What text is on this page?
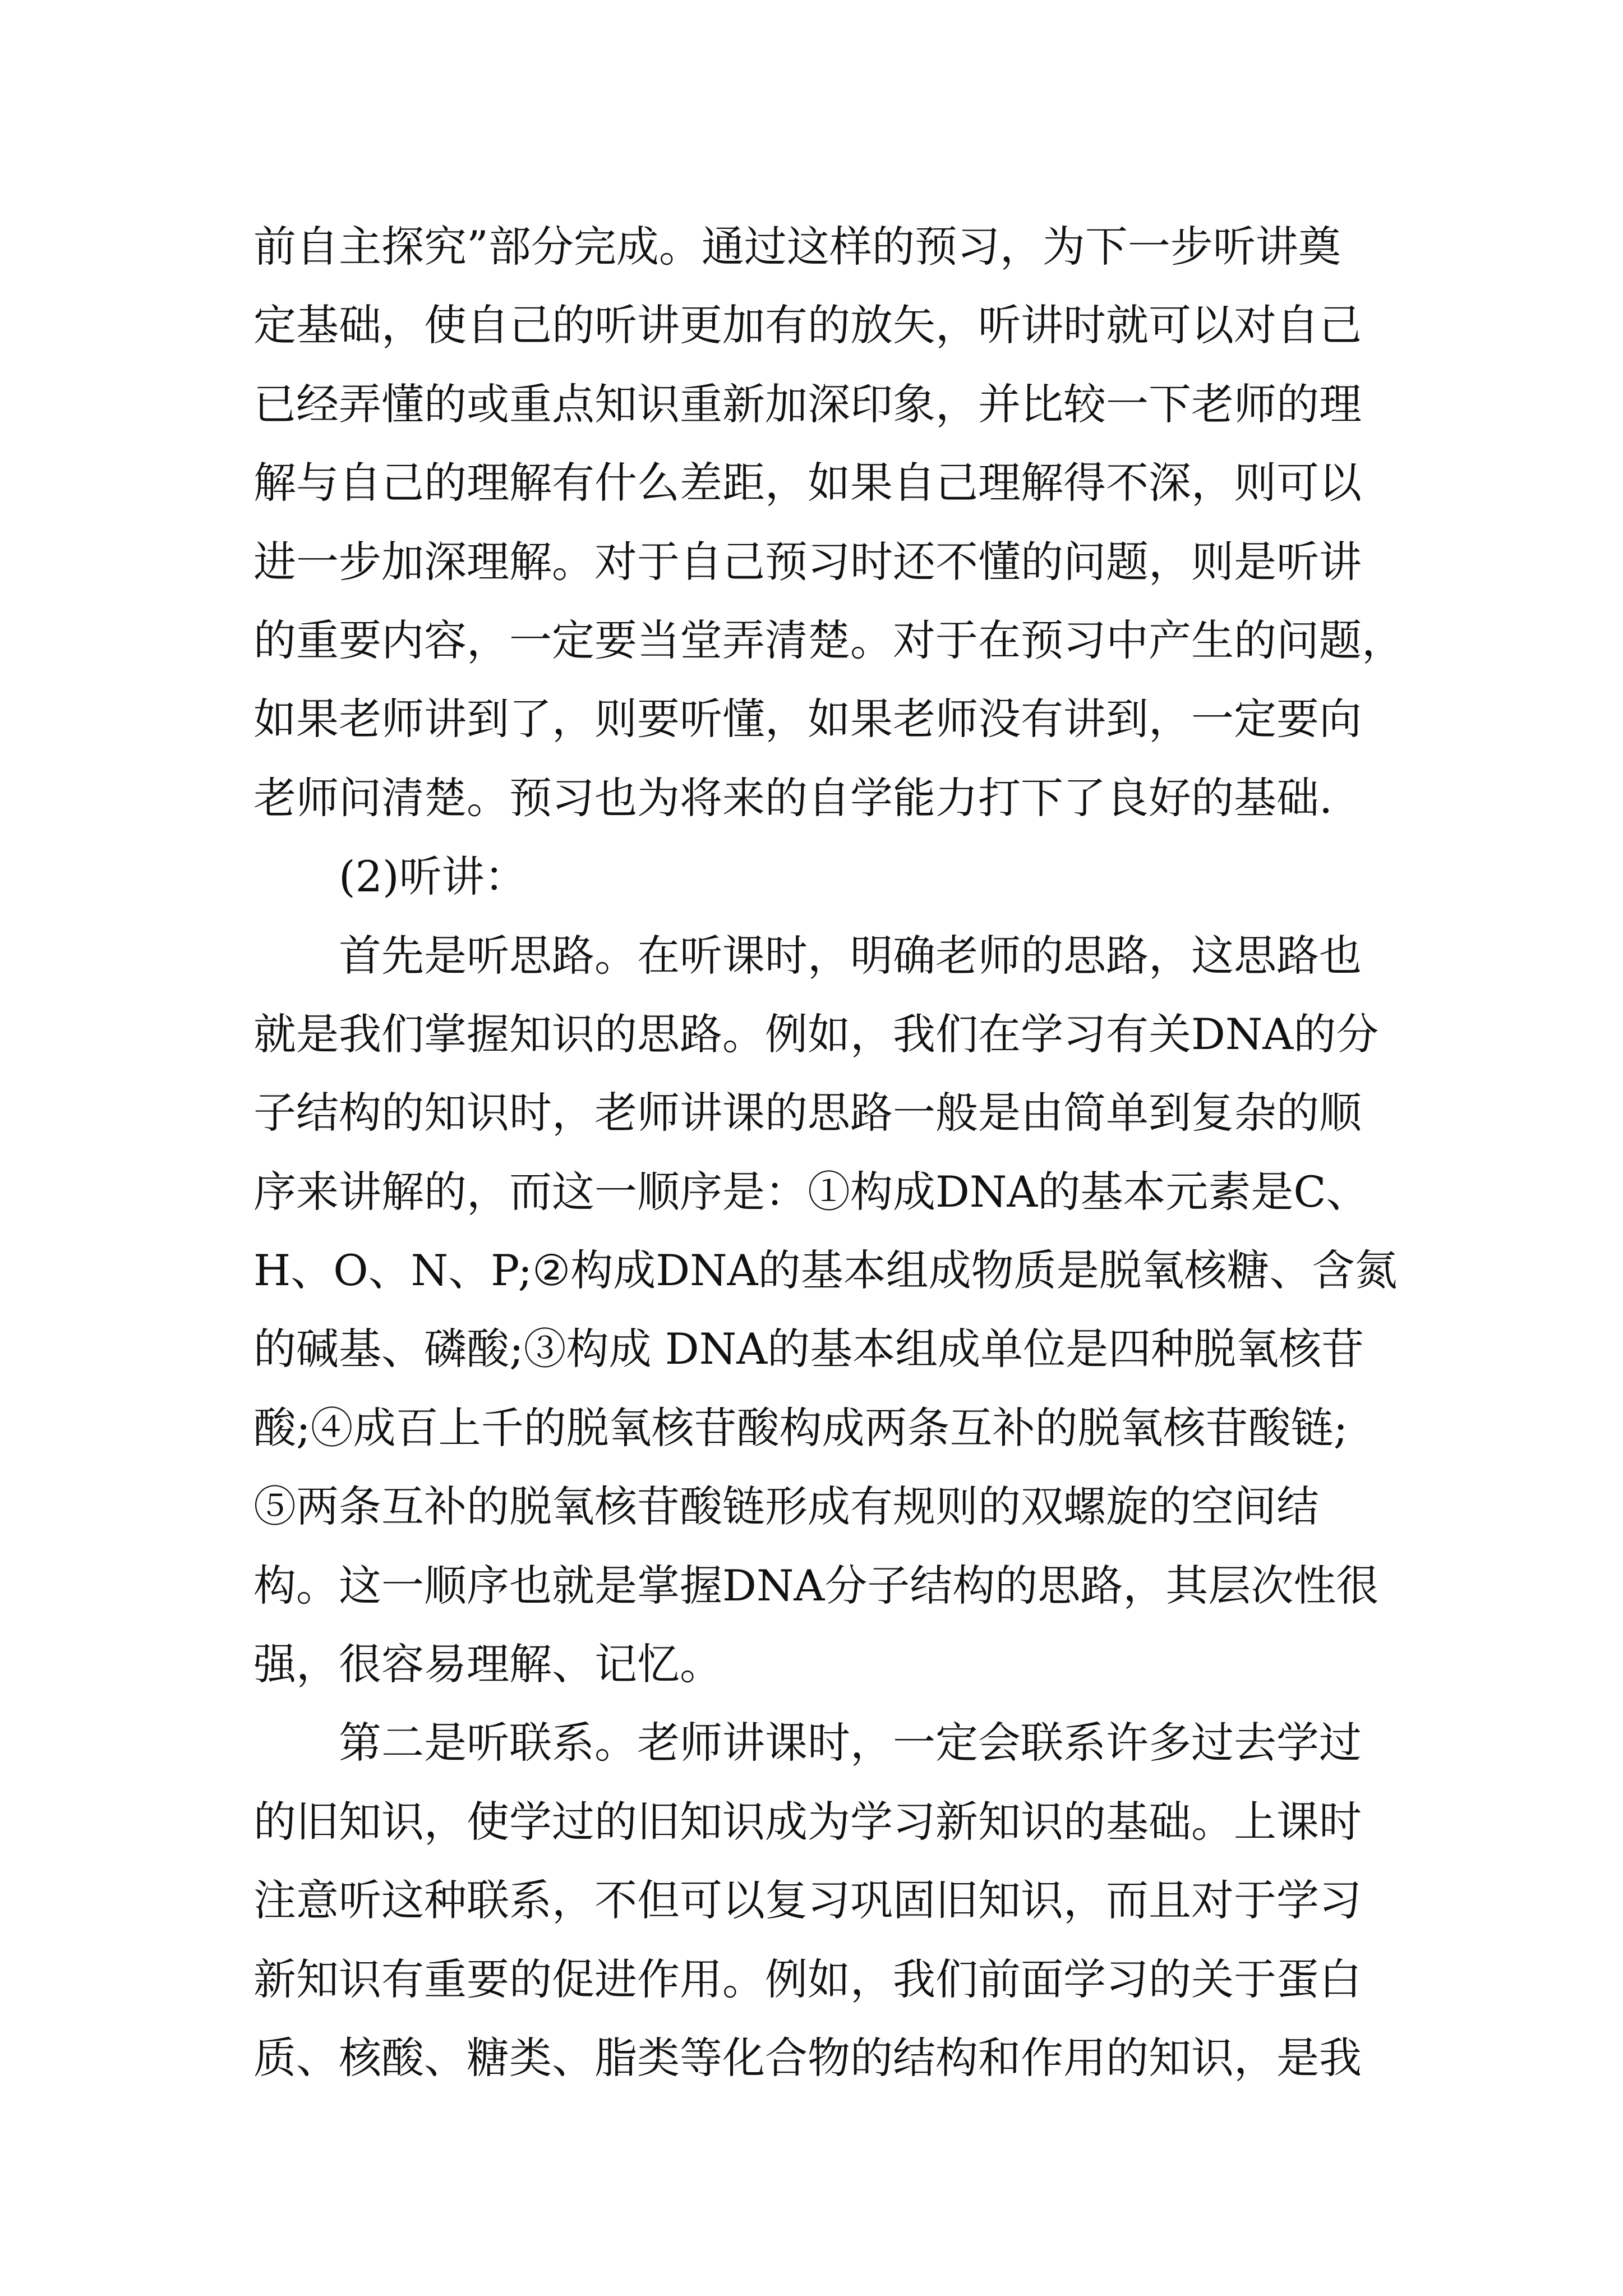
前自主探究”部分完成。通过这样的预习，为下一步听讲奠
定基础，使自己的听讲更加有的放矢，听讲时就可以对自己
已经弄懂的或重点知识重新加深印象，并比较一下老师的理
解与自己的理解有什么差距，如果自己理解得不深，则可以
进一步加深理解。对于自己预习时还不懂的问题，则是听讲
的重要内容，一定要当堂弄清楚。对于在预习中产生的问题，
如果老师讲到了，则要听懂，如果老师没有讲到，一定要向
老师问清楚。预习也为将来的自学能力打下了良好的基础.
(2)听讲：
首先是听思路。在听课时，明确老师的思路，这思路也
就是我们掌握知识的思路。例如，我们在学习有关DNA的分
子结构的知识时，老师讲课的思路一般是由简单到复杂的顺
序来讲解的，而这一顺序是：①构成DNA的基本元素是C、
H、O、N、P;②构成DNA的基本组成物质是脱氧核糖、含氮
的碱基、磷酸;③构成 DNA的基本组成单位是四种脱氧核苷
酸;④成百上千的脱氧核苷酸构成两条互补的脱氧核苷酸链;
⑤两条互补的脱氧核苷酸链形成有规则的双螺旋的空间结
构。这一顺序也就是掌握DNA分子结构的思路，其层次性很
强，很容易理解、记忆。
第二是听联系。老师讲课时，一定会联系许多过去学过
的旧知识，使学过的旧知识成为学习新知识的基础。上课时
注意听这种联系，不但可以复习巩固旧知识，而且对于学习
新知识有重要的促进作用。例如，我们前面学习的关于蛋白
质、核酸、糖类、脂类等化合物的结构和作用的知识，是我
